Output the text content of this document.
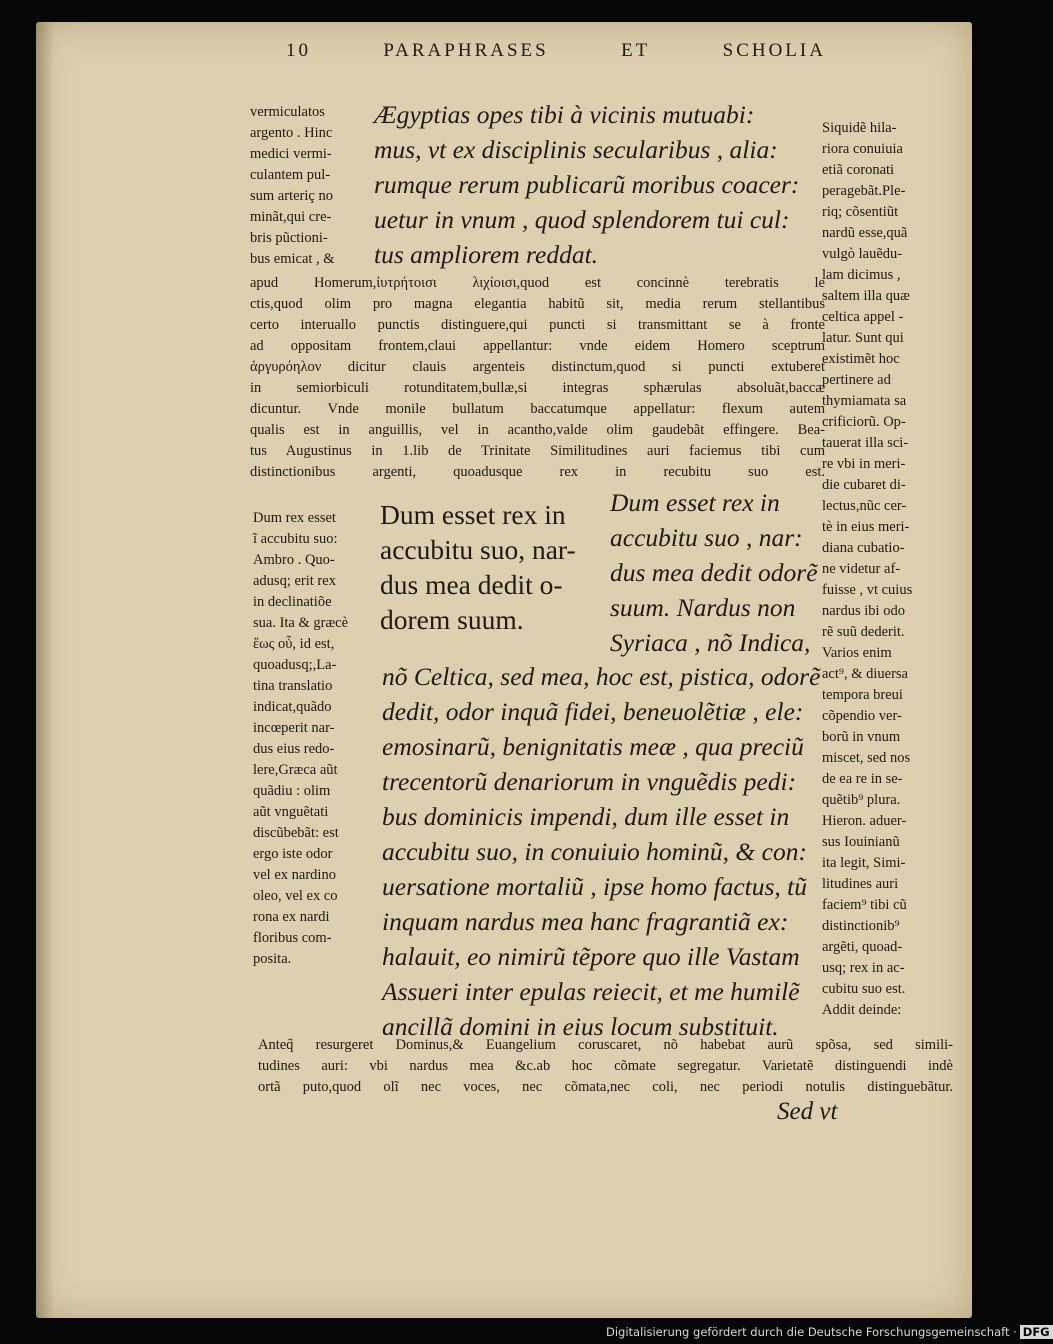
10	PARAPHRASES	ET	SCHOLIA
vermiculatos
argento . Hinc
medici vermi-
culantem pul-
sum arteriç no
minãt,qui cre-
bris pũctioni-
bus emicat , &
Ægyptias opes tibi à vicinis mutuabi:
mus, vt ex disciplinis secularibus , alia:
rumque rerum publicarũ moribus coacer:
uetur in vnum , quod splendorem tui cul:
tus ampliorem reddat.
apud Homerum,ἰυτρήτοισι λιχίοισι,quod est concinnè terebratis le
ctis,quod olim pro magna elegantia habitũ sit, media rerum stellantibus
certo interuallo punctis distinguere,qui puncti si transmittant se à fronte
ad oppositam frontem,claui appellantur: vnde eidem Homero sceptrum
ἀργυρόηλον dicitur clauis argenteis distinctum,quod si puncti extuberet
in semiorbiculi rotunditatem,bullæ,si integras sphærulas absoluãt,baccæ
dicuntur. Vnde monile bullatum baccatumque appellatur: flexum autem
qualis est in anguillis, vel in acantho,valde olim gaudebãt effingere. Bea-
tus Augustinus in 1.lib de Trinitate Similitudines auri faciemus tibi cum
distinctionibus argenti, quoadusque rex in recubitu suo est.
Siquidẽ hila-
riora conuiuia
etiã coronati
peragebãt.Ple-
riq; cõsentiũt
nardũ esse,quã
vulgò lauẽdu-
lam dicimus ,
saltem illa quæ
celtica appel -
latur. Sunt qui
existimẽt hoc
pertinere ad
thymiamata sa
crificiorũ. Op-
tauerat illa sci-
re vbi in meri-
die cubaret di-
lectus,nũc cer-
tè in eius meri-
diana cubatio-
ne videtur af-
fuisse , vt cuius
nardus ibi odo
rẽ suũ dederit.
Varios enim
act⁹, & diuersa
tempora breui
cõpendio ver-
borũ in vnum
miscet, sed nos
de ea re in se-
quẽtib⁹ plura.
Hieron. aduer-
sus Iouinianũ
ita legit, Simi-
litudines auri
faciem⁹ tibi cũ
distinctionib⁹
argẽti, quoad-
usq; rex in ac-
cubitu suo est.
Addit deinde:
Dum rex esset
ĩ accubitu suo:
Ambro . Quo-
adusq; erit rex
in declinatiõe
sua. Ita & græcè
ἕως οὗ, id est,
quoadusq;,La-
tina translatio
indicat,quãdo
incœperit nar-
dus eius redo-
lere,Græca aũt
quãdiu : olim
aũt vnguẽtati
discũbebãt: est
ergo iste odor
vel ex nardino
oleo, vel ex co
rona ex nardi
floribus com-
posita.
Dum esset rex in
accubitu suo, nar-
dus mea dedit o-
dorem suum.
Dum esset rex in
accubitu suo , nar:
dus mea dedit odorẽ
suum. Nardus non
Syriaca , nõ Indica,
nõ Celtica, sed mea, hoc est, pistica, odorẽ
dedit, odor inquã fidei, beneuolẽtiæ , ele:
emosinarũ, benignitatis meæ , qua preciũ
trecentorũ denariorum in vnguẽdis pedi:
bus dominicis impendi, dum ille esset in
accubitu suo, in conuiuio hominũ, & con:
uersatione mortaliũ , ipse homo factus, tũ
inquam nardus mea hanc fragrantiã ex:
halauit, eo nimirũ tẽpore quo ille Vastam
Assueri inter epulas reiecit, et me humilẽ
ancillã domini in eius locum substituit.
Anteq̃ resurgeret Dominus,& Euangelium coruscaret, nõ habebat aurũ spõsa, sed simili-
tudines auri: vbi nardus mea &c.ab hoc cõmate segregatur. Varietatẽ distinguendi indè
ortã puto,quod olĩ nec voces, nec cõmata,nec coli, nec periodi notulis distinguebãtur.
Sed vt
Digitalisierung gefördert durch die Deutsche Forschungsgemeinschaft · DFG
